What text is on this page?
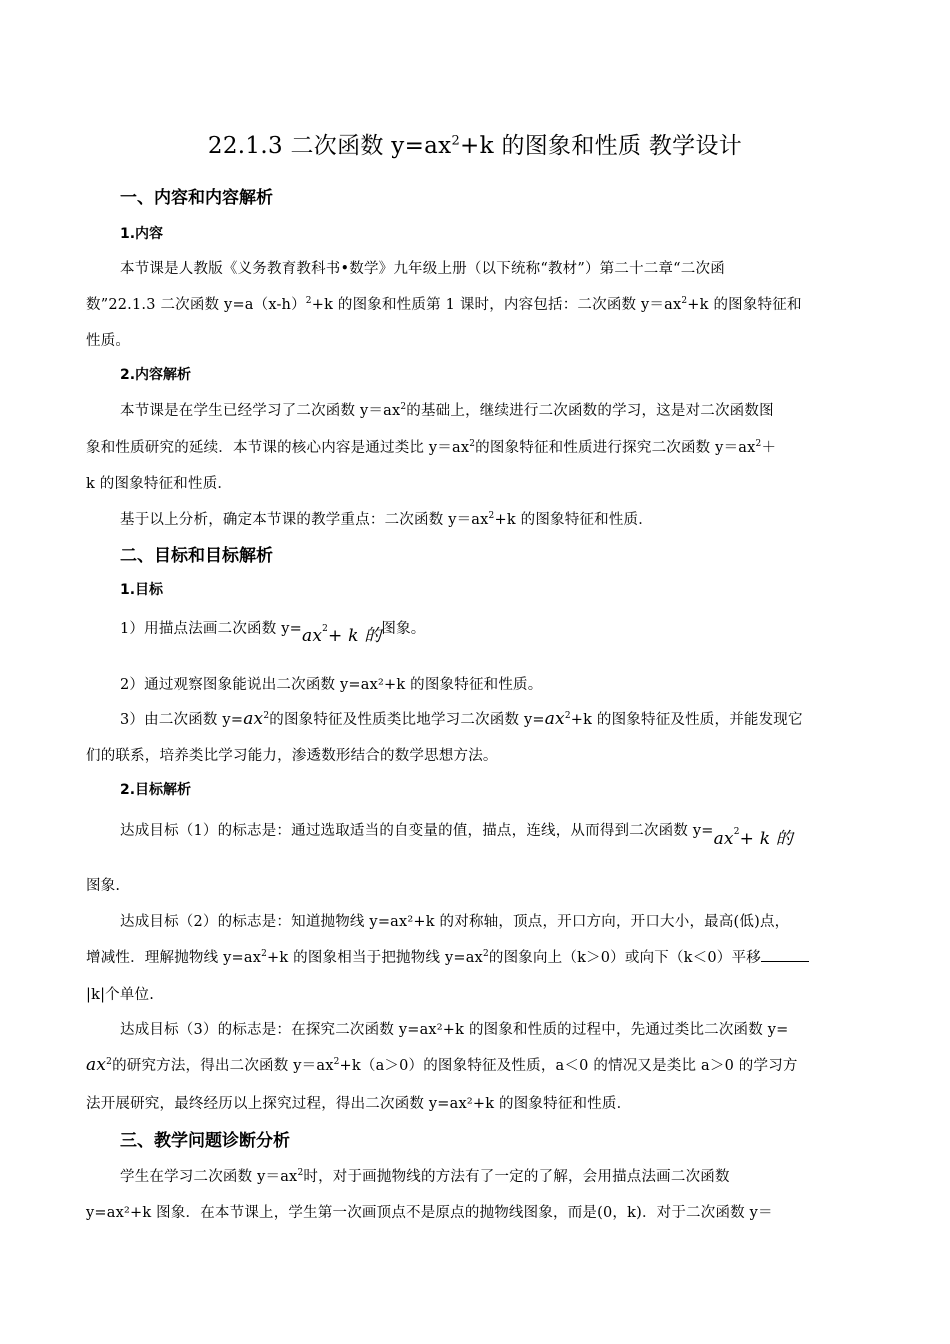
22.1.3 二次函数 $y=ax^2+k$ 的图象和性质 教学设计
一、内容和内容解析
1.内容
本节课是人教版《义务教育教科书•数学》九年级上册（以下统称“教材”）第二十二章“二次函
数”22.1.3 二次函数 $y=a(x-h)^2+k$ 的图象和性质第 1 课时，内容包括：二次函数 $y=ax^2+k$ 的图象特征和
性质。
2.内容解析
本节课是在学生已经学习了二次函数 $y=ax^2$的基础上，继续进行二次函数的学习，这是对二次函数图
象和性质研究的延续．本节课的核心内容是通过类比 $y=ax^2$的图象特征和性质进行探究二次函数 $y=ax^2+$
k 的图象特征和性质．
基于以上分析，确定本节课的教学重点：二次函数 $y=ax^2+k$ 的图象特征和性质．
二、目标和目标解析
1.目标
1）用描点法画二次函数 $y=ax^2+ k$ 的图象。
2）通过观察图象能说出二次函数 y=ax²+k 的图象特征和性质。
3）由二次函数 $y=ax^2$的图象特征及性质类比地学习二次函数 $y=ax^2+k$ 的图象特征及性质，并能发现它
们的联系，培养类比学习能力，渗透数形结合的数学思想方法。
2.目标解析
达成目标（1）的标志是：通过选取适当的自变量的值，描点，连线，从而得到二次函数 $y=ax^2+ k$ 的
图象.
达成目标（2）的标志是：知道抛物线 y=ax²+k 的对称轴，顶点，开口方向，开口大小，最高(低)点，
增减性．理解抛物线 $y=ax^2+k$ 的图象相当于把抛物线 $y=ax^2$的图象向上（k＞0）或向下（k＜0）平移
|k|个单位.
达成目标（3）的标志是：在探究二次函数 y=ax²+k 的图象和性质的过程中，先通过类比二次函数 y=
$ax^2$的研究方法，得出二次函数 $y=ax^2+k(a>0)$的图象特征及性质，a＜0 的情况又是类比 a＞0 的学习方
法开展研究，最终经历以上探究过程，得出二次函数 y=ax²+k 的图象特征和性质．
三、教学问题诊断分析
学生在学习二次函数 $y=ax^2$时，对于画抛物线的方法有了一定的了解，会用描点法画二次函数
y=ax²+k 图象．在本节课上，学生第一次画顶点不是原点的抛物线图象，而是(0，k)．对于二次函数 y＝
